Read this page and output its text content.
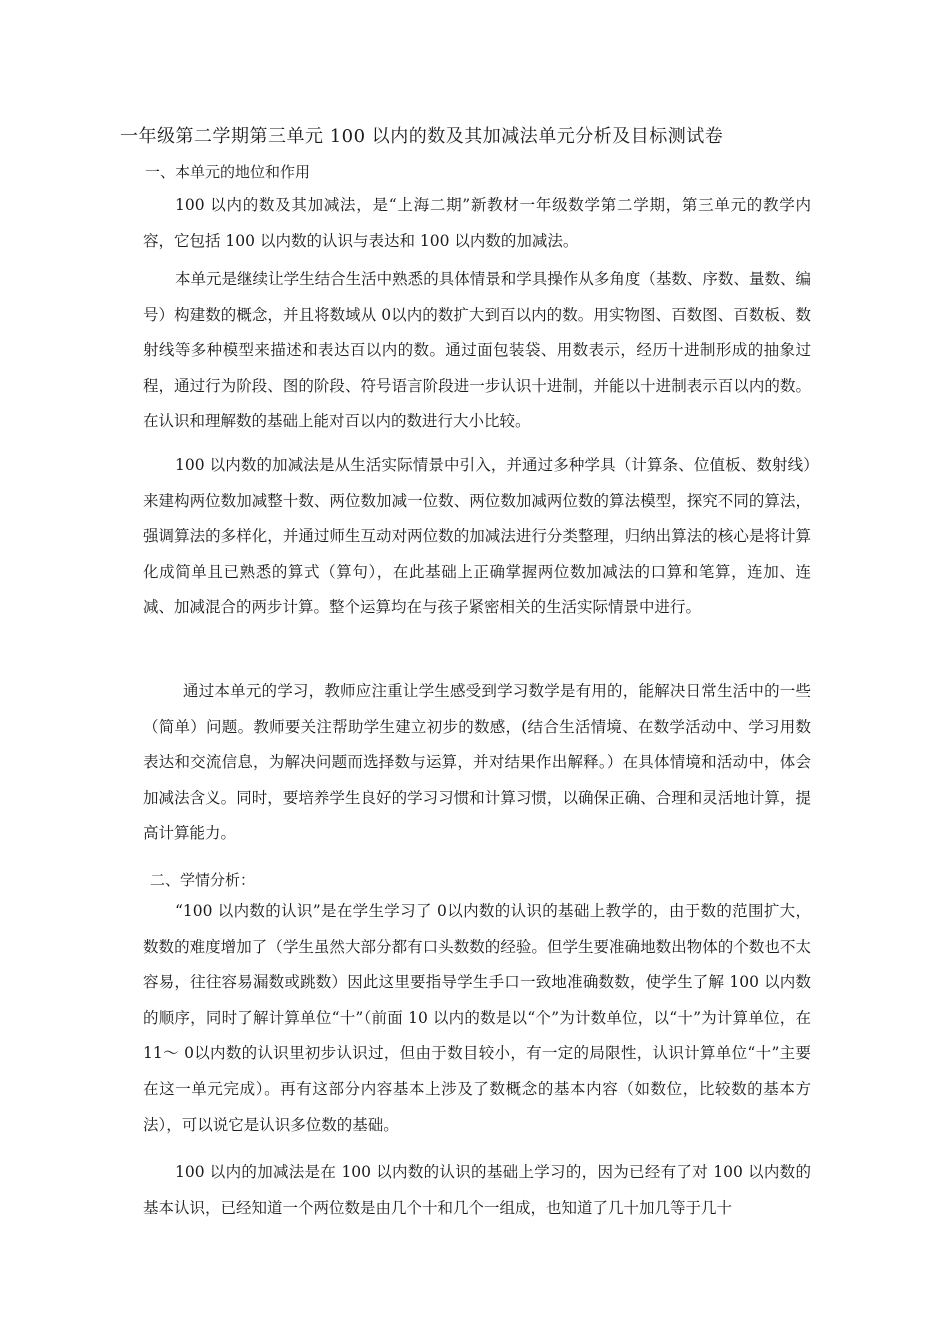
一年级第二学期第三单元 100 以内的数及其加减法单元分析及目标测试卷
一、本单元的地位和作用

100 以内的数及其加减法，是“上海二期”新教材一年级数学第二学期，第三单元的教学内容，它包括 100 以内数的认识与表达和 100 以内数的加减法。

本单元是继续让学生结合生活中熟悉的具体情景和学具操作从多角度（基数、序数、量数、编号）构建数的概念，并且将数域从 0以内的数扩大到百以内的数。用实物图、百数图、百数板、数射线等多种模型来描述和表达百以内的数。通过面包装袋、用数表示，经历十进制形成的抽象过程，通过行为阶段、图的阶段、符号语言阶段进一步认识十进制，并能以十进制表示百以内的数。在认识和理解数的基础上能对百以内的数进行大小比较。

100 以内数的加减法是从生活实际情景中引入，并通过多种学具（计算条、位值板、数射线）来建构两位数加减整十数、两位数加减一位数、两位数加减两位数的算法模型，探究不同的算法，强调算法的多样化，并通过师生互动对两位数的加减法进行分类整理，归纳出算法的核心是将计算化成简单且已熟悉的算式（算句），在此基础上正确掌握两位数加减法的口算和笔算，连加、连减、加减混合的两步计算。整个运算均在与孩子紧密相关的生活实际情景中进行。

通过本单元的学习，教师应注重让学生感受到学习数学是有用的，能解决日常生活中的一些（简单）问题。教师要关注帮助学生建立初步的数感，(结合生活情境、在数学活动中、学习用数表达和交流信息，为解决问题而选择数与运算，并对结果作出解释。）在具体情境和活动中，体会加减法含义。同时，要培养学生良好的学习习惯和计算习惯，以确保正确、合理和灵活地计算，提高计算能力。

二、学情分析：

“100 以内数的认识”是在学生学习了 0以内数的认识的基础上教学的，由于数的范围扩大，数数的难度增加了（学生虽然大部分都有口头数数的经验。但学生要准确地数出物体的个数也不太容易，往往容易漏数或跳数）因此这里要指导学生手口一致地准确数数，使学生了解 100 以内数的顺序，同时了解计算单位“十”（前面 10 以内的数是以“个”为计数单位，以“十”为计算单位，在 11～ 0以内数的认识里初步认识过，但由于数目较小，有一定的局限性，认识计算单位“十”主要在这一单元完成）。再有这部分内容基本上涉及了数概念的基本内容（如数位，比较数的基本方法），可以说它是认识多位数的基础。

100 以内的加减法是在 100 以内数的认识的基础上学习的，因为已经有了对 100 以内数的基本认识，已经知道一个两位数是由几个十和几个一组成，也知道了几十加几等于几十
